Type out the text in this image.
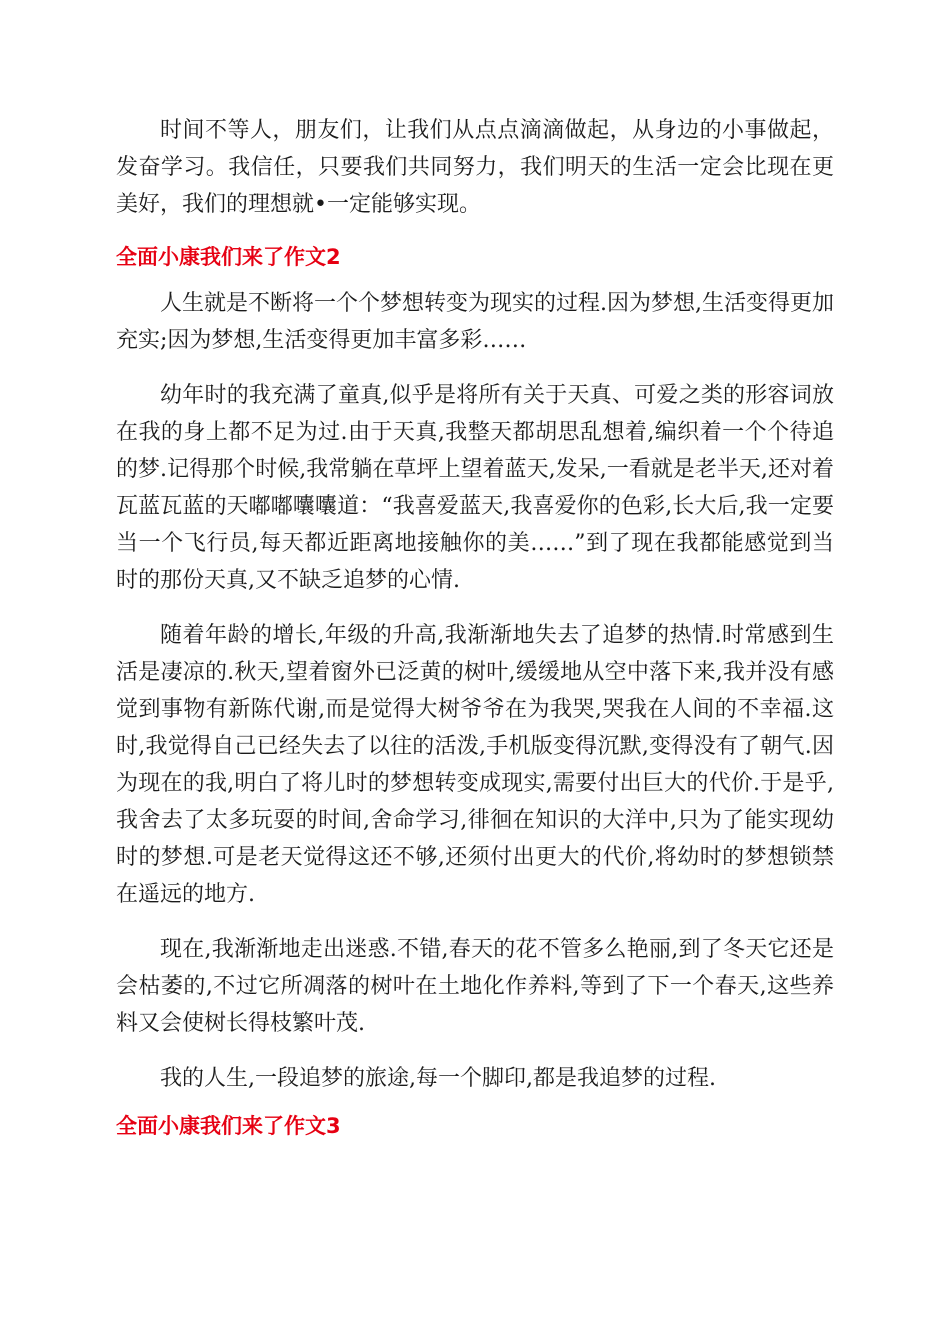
时间不等人，朋友们，让我们从点点滴滴做起，从身边的小事做起，发奋学习。我信任，只要我们共同努力，我们明天的生活一定会比现在更美好，我们的理想就•一定能够实现。

全面小康我们来了作文2

人生就是不断将一个个梦想转变为现实的过程.因为梦想,生活变得更加充实;因为梦想,生活变得更加丰富多彩……

幼年时的我充满了童真,似乎是将所有关于天真、可爱之类的形容词放在我的身上都不足为过.由于天真,我整天都胡思乱想着,编织着一个个待追的梦.记得那个时候,我常躺在草坪上望着蓝天,发呆,一看就是老半天,还对着瓦蓝瓦蓝的天嘟嘟囔囔道：“我喜爱蓝天,我喜爱你的色彩,长大后,我一定要当一个飞行员,每天都近距离地接触你的美……”到了现在我都能感觉到当时的那份天真,又不缺乏追梦的心情.

随着年龄的增长,年级的升高,我渐渐地失去了追梦的热情.时常感到生活是凄凉的.秋天,望着窗外已泛黄的树叶,缓缓地从空中落下来,我并没有感觉到事物有新陈代谢,而是觉得大树爷爷在为我哭,哭我在人间的不幸福.这时,我觉得自己已经失去了以往的活泼,手机版变得沉默,变得没有了朝气.因为现在的我,明白了将儿时的梦想转变成现实,需要付出巨大的代价.于是乎,我舍去了太多玩耍的时间,舍命学习,徘徊在知识的大洋中,只为了能实现幼时的梦想.可是老天觉得这还不够,还须付出更大的代价,将幼时的梦想锁禁在遥远的地方.

现在,我渐渐地走出迷惑.不错,春天的花不管多么艳丽,到了冬天它还是会枯萎的,不过它所凋落的树叶在土地化作养料,等到了下一个春天,这些养料又会使树长得枝繁叶茂.

我的人生,一段追梦的旅途,每一个脚印,都是我追梦的过程.

全面小康我们来了作文3
